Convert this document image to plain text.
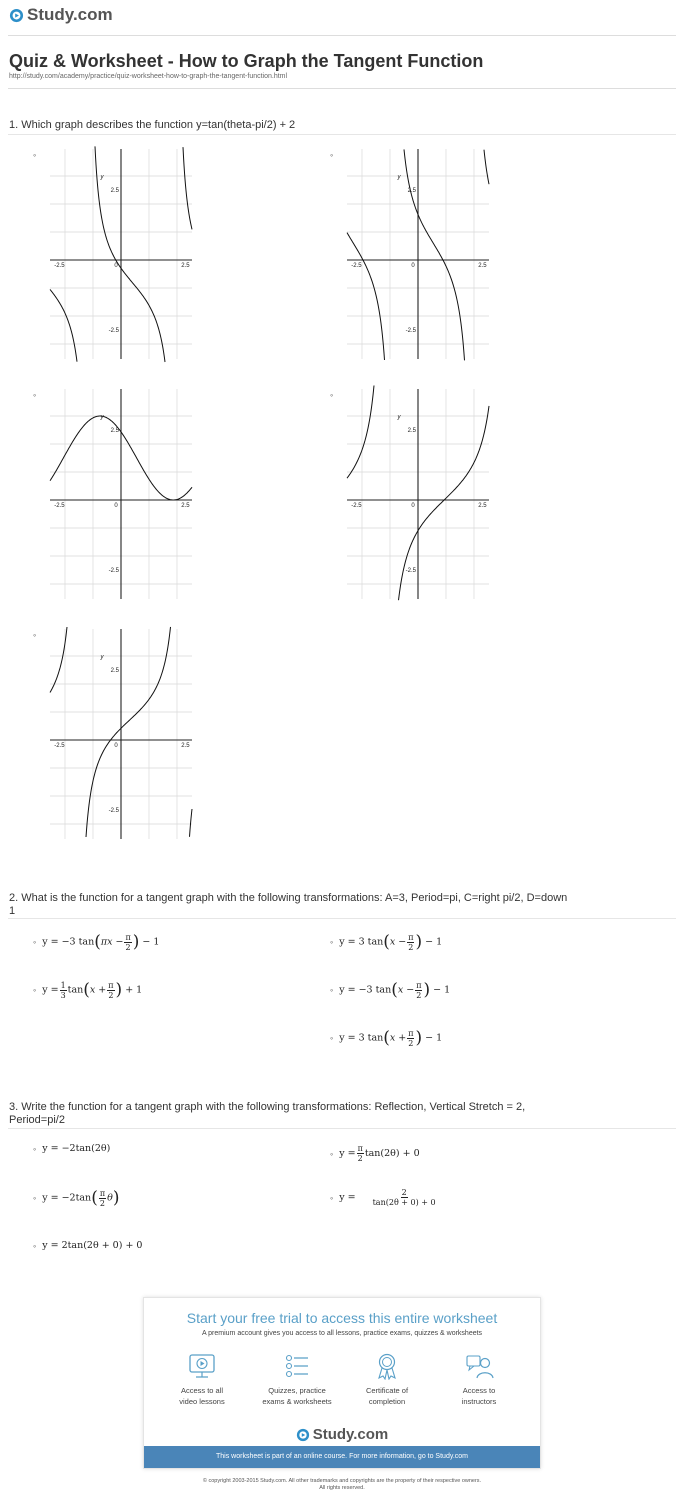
Study.com
Quiz & Worksheet - How to Graph the Tangent Function
http://study.com/academy/practice/quiz-worksheet-how-to-graph-the-tangent-function.html
1. Which graph describes the function y=tan(theta-pi/2) + 2
◦	◦
◦	◦
◦
y
2.5
-2.5
-2.5	0	2.5
y
2.5
-2.5
-2.5	0	2.5
y
2.5
-2.5
-2.5	0	2.5
y
2.5
-2.5
-2.5	0	2.5
y
2.5
-2.5
-2.5	0	2.5
2. What is the function for a tangent graph with the following transformations: A=3, Period=pi, C=right pi/2, D=down 1
◦ y = −3 $\tan(\pi x - \frac{\pi}{2}$ ) − 1	◦ y = 3 $\tan(x - \frac{\pi}{2}$ ) − 1
◦ $y = \frac{1}{3} \tan(x + \frac{\pi}{2}$ ) + 1	◦ y = −3 $\tan(x - \frac{\pi}{2}$ ) − 1
◦ y = 3 $\tan(x + \frac{\pi}{2}$ ) − 1
3. Write the function for a tangent graph with the following transformations: Reflection, Vertical Stretch = 2, Period=pi/2
◦ y = −2tan(2θ)	◦ $y = \frac{\pi}{2} \tan(2\theta) + 0$
◦ $y = -2\tan( \frac{\pi}{2} \theta)$	◦ $y = \frac{2}{\tan(2\theta + 0) + 0}$
◦ y = 2tan(2θ + 0) + 0
Start your free trial to access this entire worksheet
A premium account gives you access to all lessons, practice exams, quizzes & worksheets
Access to all
video lessons
Quizzes, practice
exams & worksheets
Certificate of
completion
Access to
instructors
Study.com
This worksheet is part of an online course. For more information, go to Study.com
© copyright 2003-2015 Study.com. All other trademarks and copyrights are the property of their respective owners.
All rights reserved.
